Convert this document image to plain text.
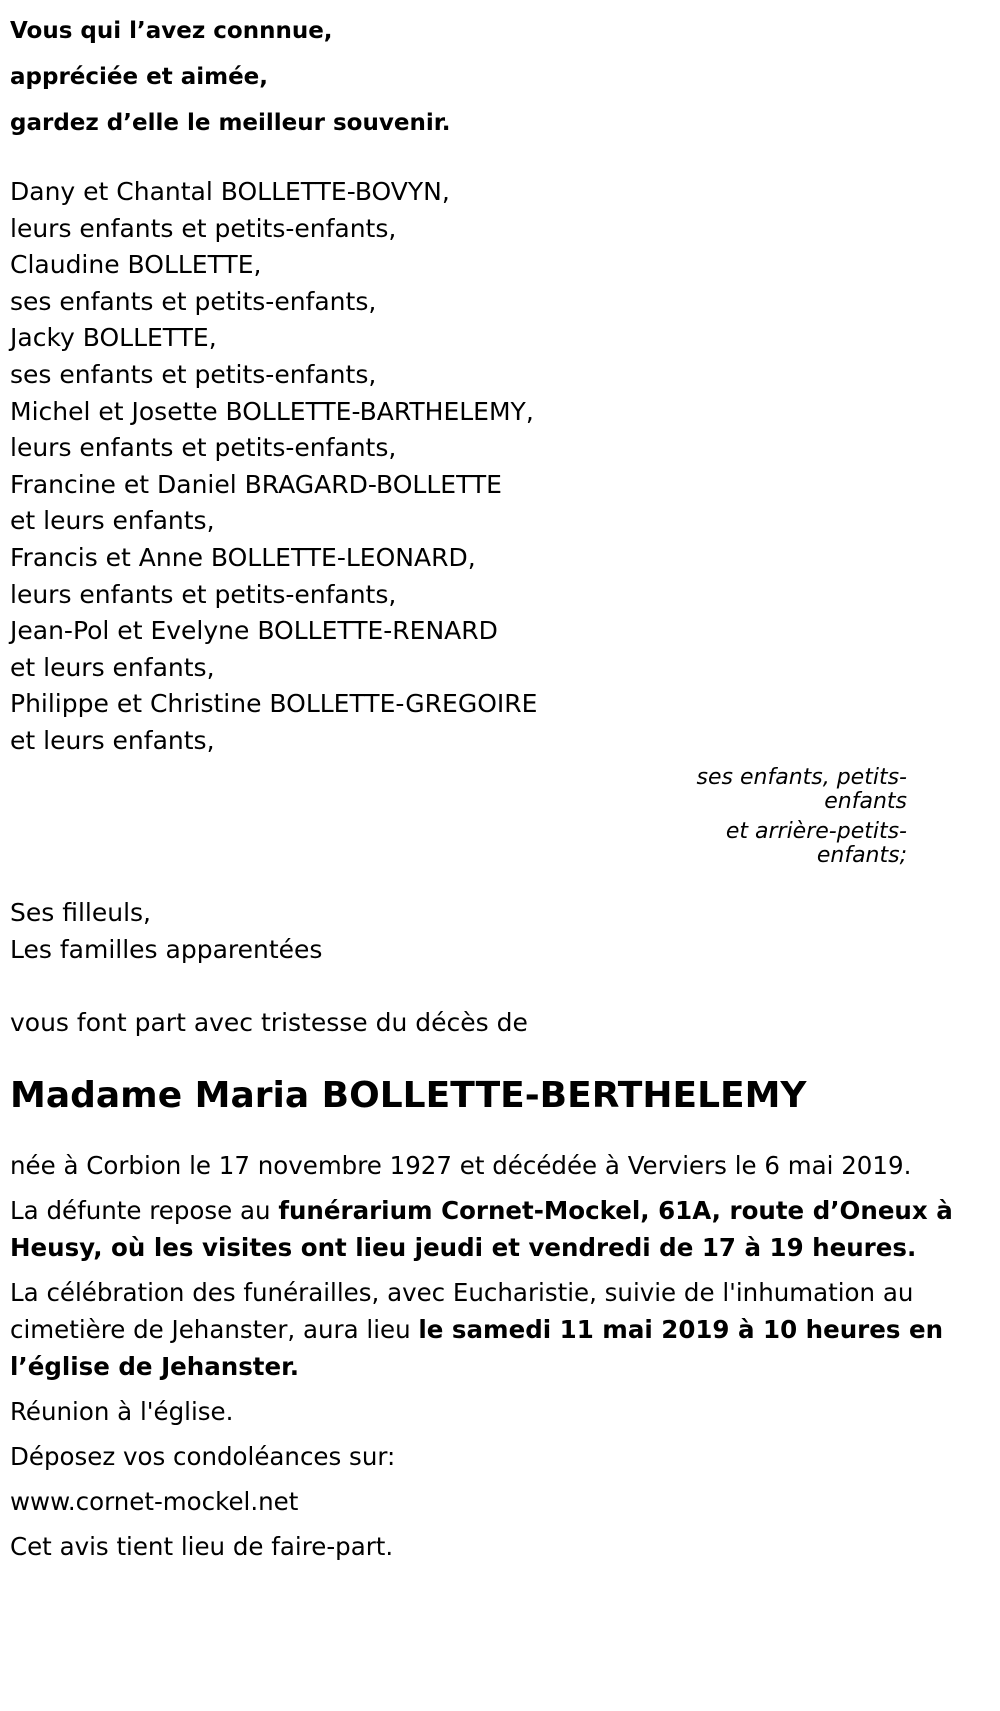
Vous qui l’avez connnue,
appréciée et aimée,
gardez d’elle le meilleur souvenir.
Dany et Chantal BOLLETTE-BOVYN,
leurs enfants et petits-enfants,
Claudine BOLLETTE,
ses enfants et petits-enfants,
Jacky BOLLETTE,
ses enfants et petits-enfants,
Michel et Josette BOLLETTE-BARTHELEMY,
leurs enfants et petits-enfants,
Francine et Daniel BRAGARD-BOLLETTE
et leurs enfants,
Francis et Anne BOLLETTE-LEONARD,
leurs enfants et petits-enfants,
Jean-Pol et Evelyne BOLLETTE-RENARD
et leurs enfants,
Philippe et Christine BOLLETTE-GREGOIRE
et leurs enfants,
ses enfants, petits-enfants
et arrière-petits-enfants;
Ses filleuls,
Les familles apparentées
vous font part avec tristesse du décès de
Madame Maria BOLLETTE-BERTHELEMY
née à Corbion le 17 novembre 1927 et décédée à Verviers le 6 mai 2019.
La défunte repose au funérarium Cornet-Mockel, 61A, route d’Oneux à Heusy, où les visites ont lieu jeudi et vendredi de 17 à 19 heures.
La célébration des funérailles, avec Eucharistie, suivie de l'inhumation au cimetière de Jehanster, aura lieu le samedi 11 mai 2019 à 10 heures en l’église de Jehanster.
Réunion à l'église.
Déposez vos condoléances sur:
www.cornet-mockel.net
Cet avis tient lieu de faire-part.
